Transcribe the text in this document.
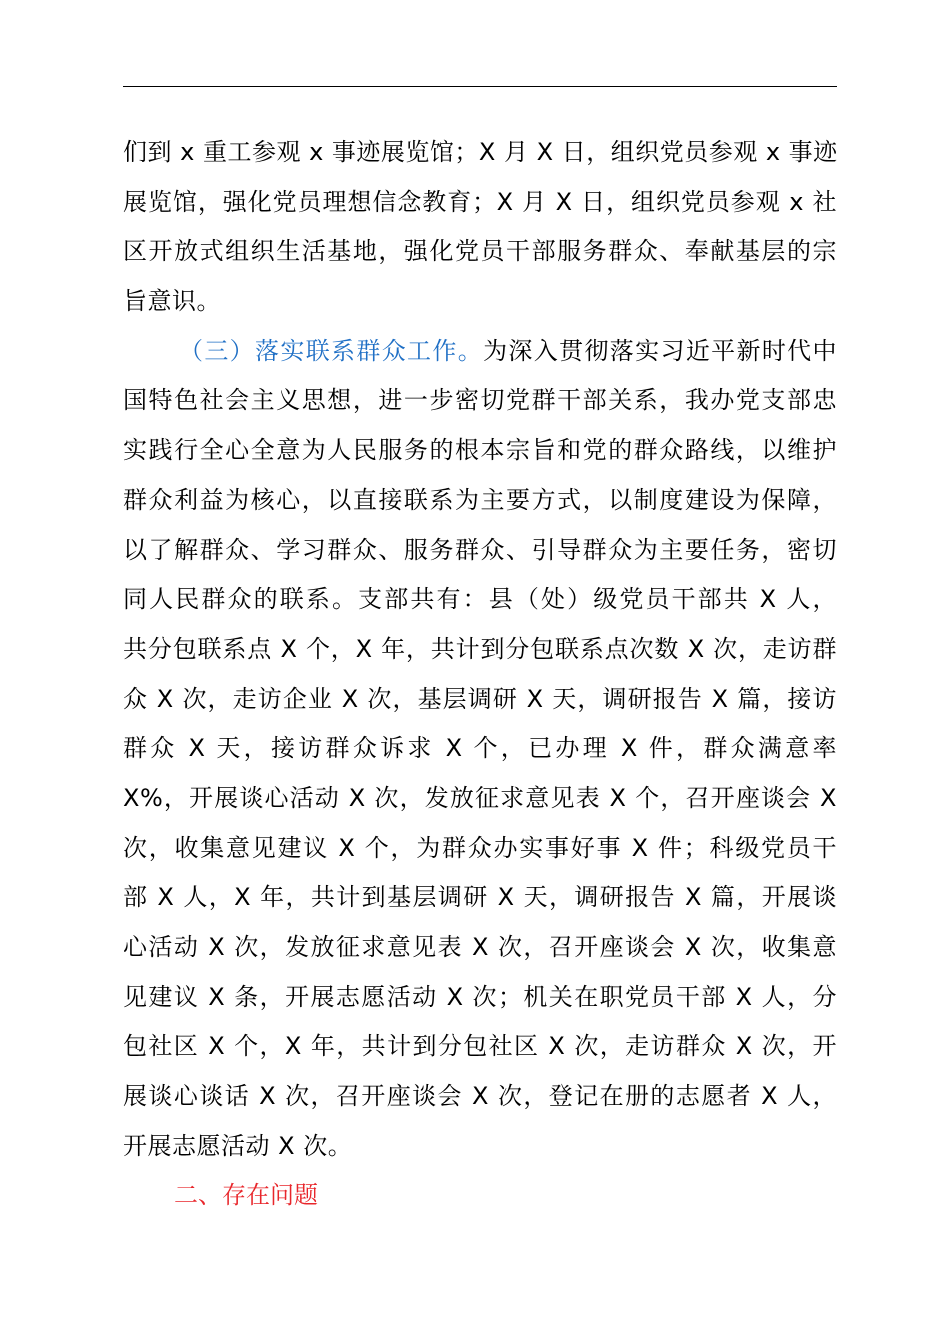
们到 x 重工参观 x 事迹展览馆；X 月 X 日，组织党员参观 x 事迹
展览馆，强化党员理想信念教育；X 月 X 日，组织党员参观 x 社
区开放式组织生活基地，强化党员干部服务群众、奉献基层的宗
旨意识。
（三）落实联系群众工作。为深入贯彻落实习近平新时代中
国特色社会主义思想，进一步密切党群干部关系，我办党支部忠
实践行全心全意为人民服务的根本宗旨和党的群众路线，以维护
群众利益为核心，以直接联系为主要方式，以制度建设为保障，
以了解群众、学习群众、服务群众、引导群众为主要任务，密切
同人民群众的联系。支部共有：县（处）级党员干部共 X 人，
共分包联系点 X 个，X 年，共计到分包联系点次数 X 次，走访群
众 X 次，走访企业 X 次，基层调研 X 天，调研报告 X 篇，接访
群众 X 天，接访群众诉求 X 个，已办理 X 件，群众满意率
X%，开展谈心活动 X 次，发放征求意见表 X 个，召开座谈会 X
次，收集意见建议 X 个，为群众办实事好事 X 件；科级党员干
部 X 人，X 年，共计到基层调研 X 天，调研报告 X 篇，开展谈
心活动 X 次，发放征求意见表 X 次，召开座谈会 X 次，收集意
见建议 X 条，开展志愿活动 X 次；机关在职党员干部 X 人，分
包社区 X 个，X 年，共计到分包社区 X 次，走访群众 X 次，开
展谈心谈话 X 次，召开座谈会 X 次，登记在册的志愿者 X 人，
开展志愿活动 X 次。
二、存在问题
